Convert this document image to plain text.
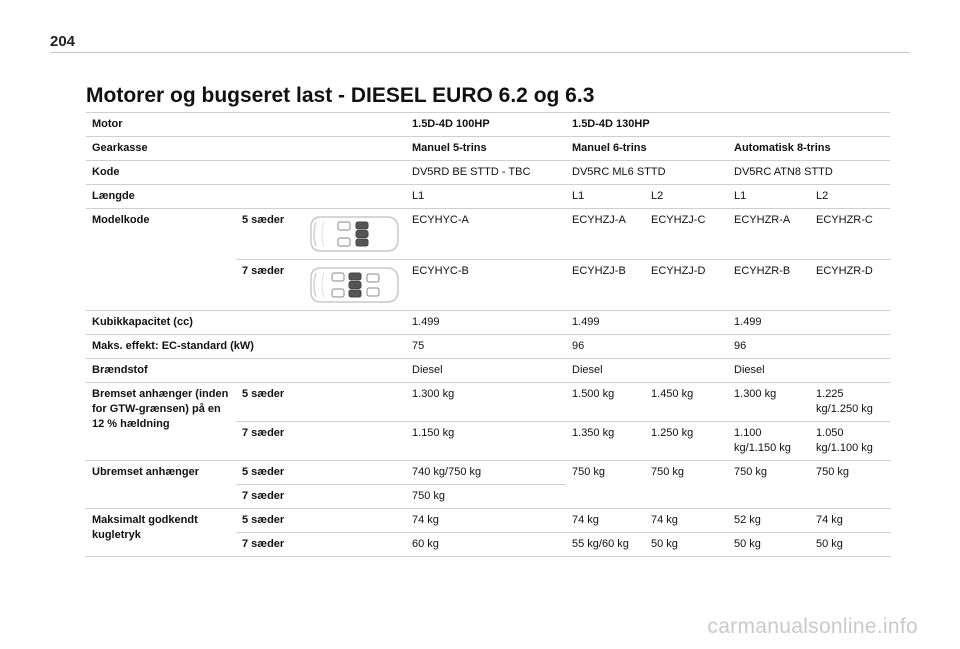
204
Motorer og bugseret last - DIESEL EURO 6.2 og 6.3
Motor			1.5D-4D 100HP	1.5D-4D 130HP			
Gearkasse			Manuel 5-trins	Manuel 6-trins		Automatisk 8-trins	
Kode			DV5RD BE STTD - TBC	DV5RC ML6 STTD		DV5RC ATN8 STTD	
Længde			L1	L1	L2	L1	L2
Modelkode	5 sæder		ECYHYC-A	ECYHZJ-A	ECYHZJ-C	ECYHZR-A	ECYHZR-C
	7 sæder		ECYHYC-B	ECYHZJ-B	ECYHZJ-D	ECYHZR-B	ECYHZR-D
Kubikkapacitet (cc)			1.499	1.499		1.499	
Maks. effekt: EC-standard (kW)			75	96		96	
Brændstof			Diesel	Diesel		Diesel	
Bremset anhænger (inden for GTW-grænsen) på en 12 % hældning	5 sæder		1.300 kg	1.500 kg	1.450 kg	1.300 kg	1.225 kg/1.250 kg
	7 sæder		1.150 kg	1.350 kg	1.250 kg	1.100 kg/1.150 kg	1.050 kg/1.100 kg
Ubremset anhænger	5 sæder		740 kg/750 kg	750 kg	750 kg	750 kg	750 kg
	7 sæder		750 kg				
Maksimalt godkendt kugletryk	5 sæder		74 kg	74 kg	74 kg	52 kg	74 kg
	7 sæder		60 kg	55 kg/60 kg	50 kg	50 kg	50 kg
carmanualsonline.info
